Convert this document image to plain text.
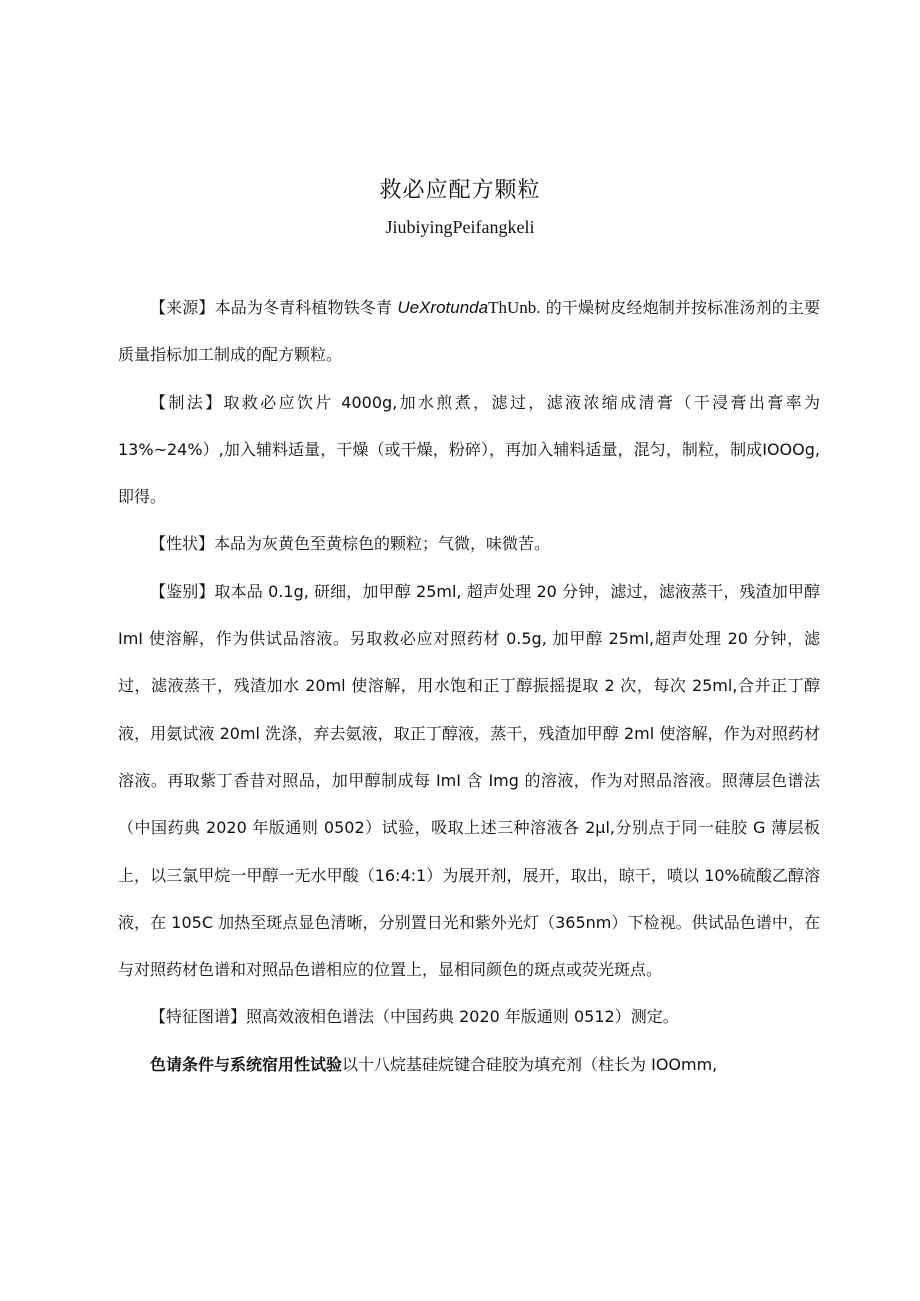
救必应配方颗粒
JiubiyingPeifangkeli

【来源】本品为冬青科植物铁冬青 UeXrotundaThUnb. 的干燥树皮经炮制并按标准汤剂的主要质量指标加工制成的配方颗粒。

【制法】取救必应饮片 4000g,加水煎煮，滤过，滤液浓缩成清膏（干浸膏出膏率为13%~24%）,加入辅料适量，干燥（或干燥，粉碎），再加入辅料适量，混匀，制粒，制成IOOOg,即得。

【性状】本品为灰黄色至黄棕色的颗粒；气微，味微苦。

【鉴别】取本品 0.1g, 研细，加甲醇 25ml, 超声处理 20 分钟，滤过，滤液蒸干，残渣加甲醇 ImI 使溶解，作为供试品溶液。另取救必应对照药材 0.5g, 加甲醇 25ml,超声处理 20 分钟，滤过，滤液蒸干，残渣加水 20ml 使溶解，用水饱和正丁醇振摇提取 2 次，每次 25ml,合并正丁醇液，用氨试液 20ml 洗涤，弃去氨液，取正丁醇液，蒸干，残渣加甲醇 2ml 使溶解，作为对照药材溶液。再取紫丁香昔对照品，加甲醇制成每 ImI 含 Img 的溶液，作为对照品溶液。照薄层色谱法（中国药典 2020 年版通则 0502）试验，吸取上述三种溶液各 2μl,分别点于同一硅胶 G 薄层板上，以三氯甲烷一甲醇一无水甲酸（16:4:1）为展开剂，展开，取出，晾干，喷以 10%硫酸乙醇溶液，在 105C 加热至斑点显色清晰，分别置日光和紫外光灯（365nm）下检视。供试品色谱中，在与对照药材色谱和对照品色谱相应的位置上，显相同颜色的斑点或荧光斑点。

【特征图谱】照高效液相色谱法（中国药典 2020 年版通则 0512）测定。

色请条件与系统宿用性试验以十八烷基硅烷键合硅胶为填充剂（柱长为 IOOmm,
